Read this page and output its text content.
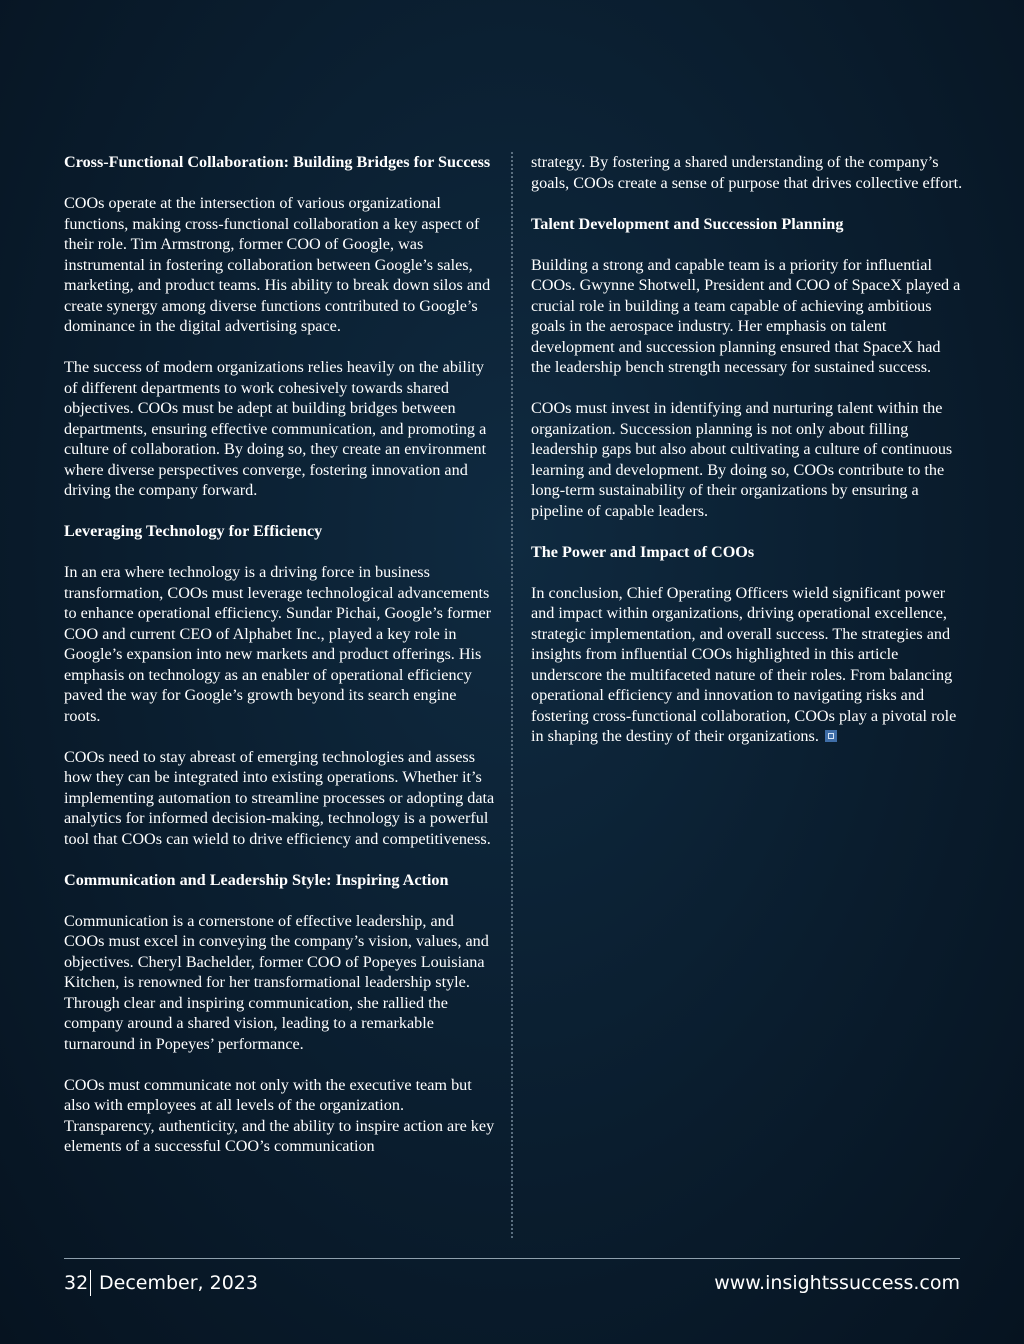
Cross-Functional Collaboration: Building Bridges for Success

COOs operate at the intersection of various organizational functions, making cross-functional collaboration a key aspect of their role. Tim Armstrong, former COO of Google, was instrumental in fostering collaboration between Google’s sales, marketing, and product teams. His ability to break down silos and create synergy among diverse functions contributed to Google’s dominance in the digital advertising space.

The success of modern organizations relies heavily on the ability of different departments to work cohesively towards shared objectives. COOs must be adept at building bridges between departments, ensuring effective communication, and promoting a culture of collaboration. By doing so, they create an environment where diverse perspectives converge, fostering innovation and driving the company forward.

Leveraging Technology for Efficiency

In an era where technology is a driving force in business transformation, COOs must leverage technological advancements to enhance operational efficiency. Sundar Pichai, Google’s former COO and current CEO of Alphabet Inc., played a key role in Google’s expansion into new markets and product offerings. His emphasis on technology as an enabler of operational efficiency paved the way for Google’s growth beyond its search engine roots.

COOs need to stay abreast of emerging technologies and assess how they can be integrated into existing operations. Whether it’s implementing automation to streamline processes or adopting data analytics for informed decision-making, technology is a powerful tool that COOs can wield to drive efficiency and competitiveness.

Communication and Leadership Style: Inspiring Action

Communication is a cornerstone of effective leadership, and COOs must excel in conveying the company’s vision, values, and objectives. Cheryl Bachelder, former COO of Popeyes Louisiana Kitchen, is renowned for her transformational leadership style. Through clear and inspiring communication, she rallied the company around a shared vision, leading to a remarkable turnaround in Popeyes’ performance.

COOs must communicate not only with the executive team but also with employees at all levels of the organization. Transparency, authenticity, and the ability to inspire action are key elements of a successful COO’s communication

strategy. By fostering a shared understanding of the company’s goals, COOs create a sense of purpose that drives collective effort.

Talent Development and Succession Planning

Building a strong and capable team is a priority for influential COOs. Gwynne Shotwell, President and COO of SpaceX played a crucial role in building a team capable of achieving ambitious goals in the aerospace industry. Her emphasis on talent development and succession planning ensured that SpaceX had the leadership bench strength necessary for sustained success.

COOs must invest in identifying and nurturing talent within the organization. Succession planning is not only about filling leadership gaps but also about cultivating a culture of continuous learning and development. By doing so, COOs contribute to the long-term sustainability of their organizations by ensuring a pipeline of capable leaders.

The Power and Impact of COOs

In conclusion, Chief Operating Officers wield significant power and impact within organizations, driving operational excellence, strategic implementation, and overall success. The strategies and insights from influential COOs highlighted in this article underscore the multifaceted nature of their roles. From balancing operational efficiency and innovation to navigating risks and fostering cross-functional collaboration, COOs play a pivotal role in shaping the destiny of their organizations.

32 December, 2023	www.insightssuccess.com
